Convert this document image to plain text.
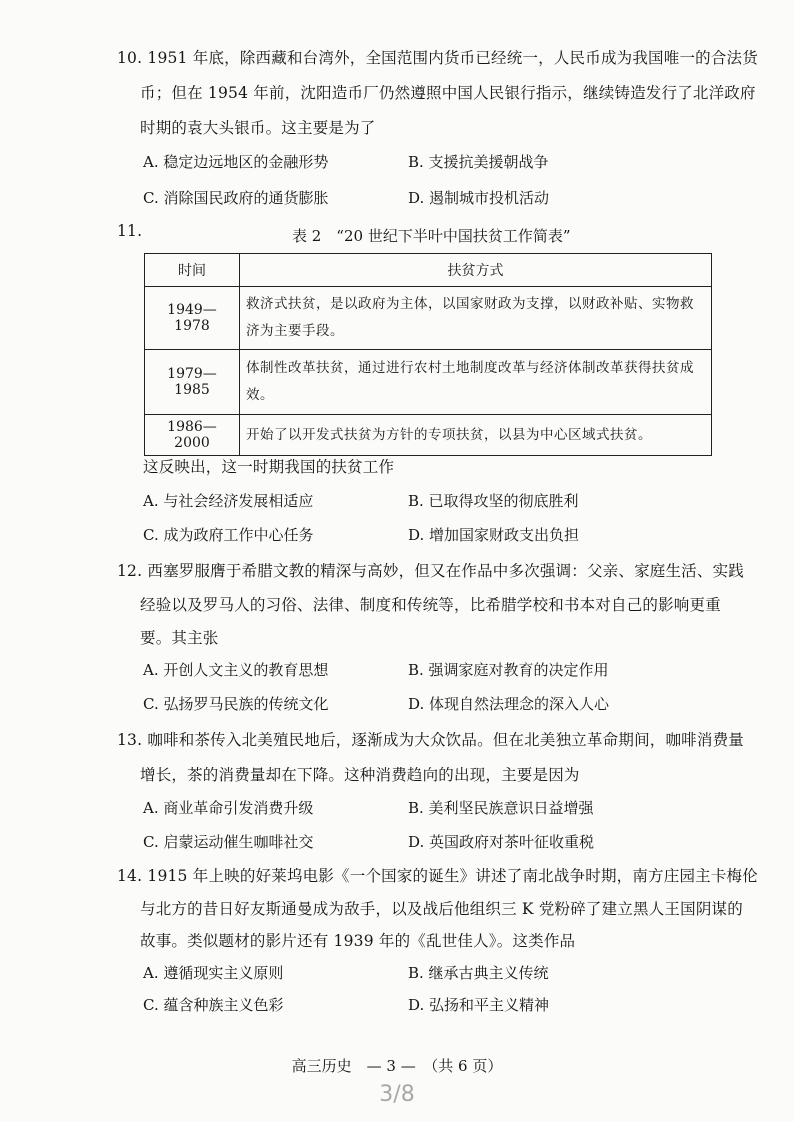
10. 1951 年底，除西藏和台湾外，全国范围内货币已经统一，人民币成为我国唯一的合法货
币；但在 1954 年前，沈阳造币厂仍然遵照中国人民银行指示，继续铸造发行了北洋政府
时期的袁大头银币。这主要是为了
A. 稳定边远地区的金融形势	B. 支援抗美援朝战争
C. 消除国民政府的通货膨胀	D. 遏制城市投机活动
11.	表 2　“20 世纪下半叶中国扶贫工作简表”
时间	扶贫方式
1949—1978	救济式扶贫，是以政府为主体，以国家财政为支撑，以财政补贴、实物救济为主要手段。
1979—1985	体制性改革扶贫，通过进行农村土地制度改革与经济体制改革获得扶贫成效。
1986—2000	开始了以开发式扶贫为方针的专项扶贫，以县为中心区域式扶贫。
这反映出，这一时期我国的扶贫工作
A. 与社会经济发展相适应	B. 已取得攻坚的彻底胜利
C. 成为政府工作中心任务	D. 增加国家财政支出负担
12. 西塞罗服膺于希腊文教的精深与高妙，但又在作品中多次强调：父亲、家庭生活、实践
经验以及罗马人的习俗、法律、制度和传统等，比希腊学校和书本对自己的影响更重
要。其主张
A. 开创人文主义的教育思想	B. 强调家庭对教育的决定作用
C. 弘扬罗马民族的传统文化	D. 体现自然法理念的深入人心
13. 咖啡和茶传入北美殖民地后，逐渐成为大众饮品。但在北美独立革命期间，咖啡消费量
增长，茶的消费量却在下降。这种消费趋向的出现，主要是因为
A. 商业革命引发消费升级	B. 美利坚民族意识日益增强
C. 启蒙运动催生咖啡社交	D. 英国政府对茶叶征收重税
14. 1915 年上映的好莱坞电影《一个国家的诞生》讲述了南北战争时期，南方庄园主卡梅伦
与北方的昔日好友斯通曼成为敌手，以及战后他组织三 K 党粉碎了建立黑人王国阴谋的
故事。类似题材的影片还有 1939 年的《乱世佳人》。这类作品
A. 遵循现实主义原则	B. 继承古典主义传统
C. 蕴含种族主义色彩	D. 弘扬和平主义精神
高三历史　— 3 —　（共 6 页）
3/8
